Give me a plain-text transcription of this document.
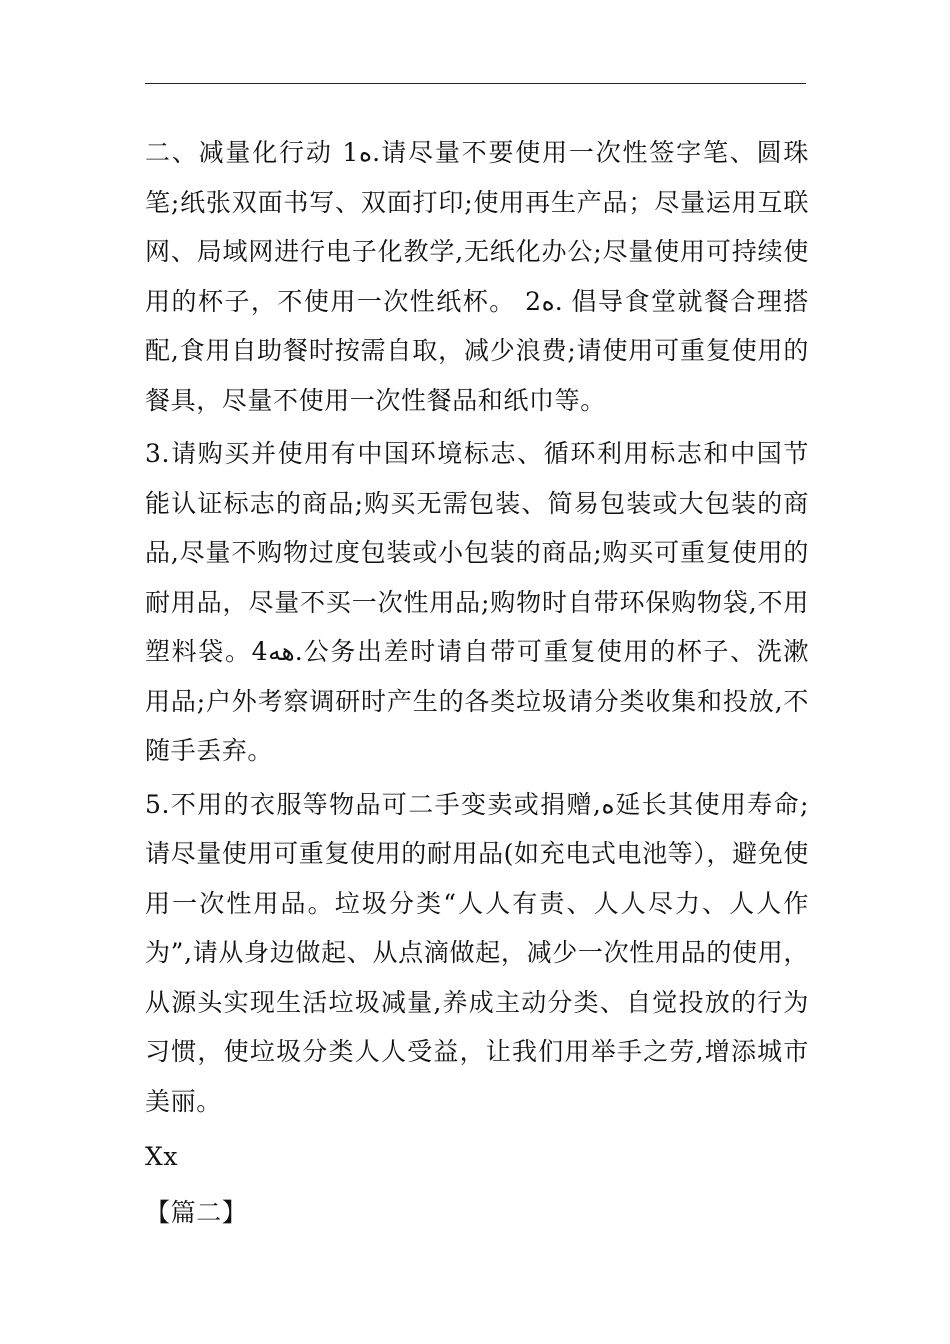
二、减量化行动 1ه.请尽量不要使用一次性签字笔、圆珠笔;纸张双面书写、双面打印;使用再生产品；尽量运用互联网、局域网进行电子化教学,无纸化办公;尽量使用可持续使用的杯子，不使用一次性纸杯。 2ه. 倡导食堂就餐合理搭配,食用自助餐时按需自取，减少浪费;请使用可重复使用的餐具，尽量不使用一次性餐品和纸巾等。

3.请购买并使用有中国环境标志、循环利用标志和中国节能认证标志的商品;购买无需包装、简易包装或大包装的商品,尽量不购物过度包装或小包装的商品;购买可重复使用的耐用品，尽量不买一次性用品;购物时自带环保购物袋,不用塑料袋。4هه.公务出差时请自带可重复使用的杯子、洗漱用品;户外考察调研时产生的各类垃圾请分类收集和投放,不随手丢弃。

5.不用的衣服等物品可二手变卖或捐赠,ه延长其使用寿命;请尽量使用可重复使用的耐用品(如充电式电池等），避免使用一次性用品。垃圾分类“人人有责、人人尽力、人人作为”,请从身边做起、从点滴做起，减少一次性用品的使用，从源头实现生活垃圾减量,养成主动分类、自觉投放的行为习惯，使垃圾分类人人受益，让我们用举手之劳,增添城市美丽。

Xx

【篇二】
